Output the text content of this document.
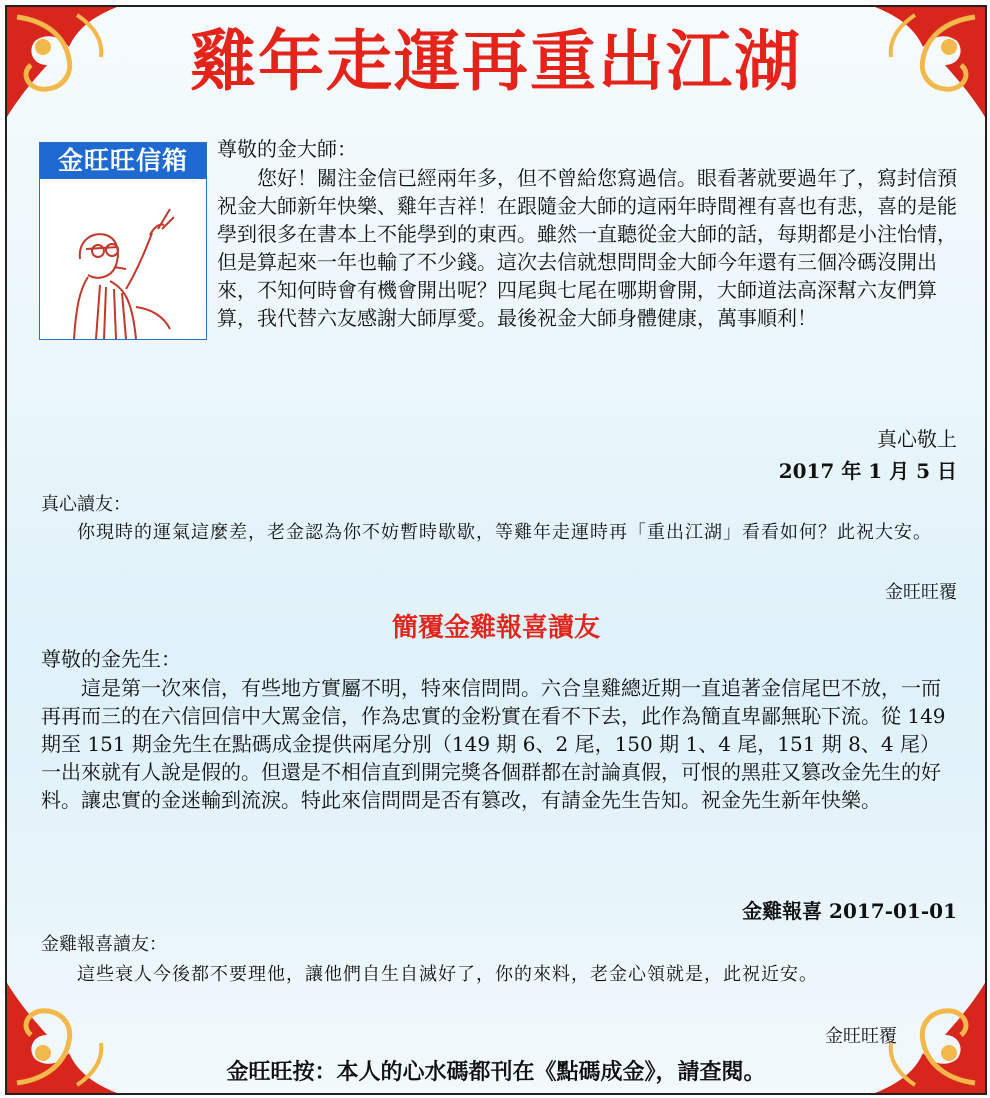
雞年走運再重出江湖
金旺旺信箱	尊敬的金大師：
您好！關注金信已經兩年多，但不曾給您寫過信。眼看著就要過年了，寫封信預祝金大師新年快樂、雞年吉祥！在跟隨金大師的這兩年時間裡有喜也有悲，喜的是能學到很多在書本上不能學到的東西。雖然一直聽從金大師的話，每期都是小注怡情，但是算起來一年也輸了不少錢。這次去信就想問問金大師今年還有三個冷碼沒開出來，不知何時會有機會開出呢？四尾與七尾在哪期會開，大師道法高深幫六友們算算，我代替六友感謝大師厚愛。最後祝金大師身體健康，萬事順利！
真心敬上
2017 年 1 月 5 日
真心讀友：
你現時的運氣這麼差，老金認為你不妨暫時歇歇，等雞年走運時再「重出江湖」看看如何？此祝大安。
金旺旺覆
簡覆金雞報喜讀友
尊敬的金先生：
這是第一次來信，有些地方實屬不明，特來信問問。六合皇雞總近期一直追著金信尾巴不放，一而再再而三的在六信回信中大罵金信，作為忠實的金粉實在看不下去，此作為簡直卑鄙無恥下流。從 149 期至 151 期金先生在點碼成金提供兩尾分別（149 期 6、2 尾，150 期 1、4 尾，151 期 8、4 尾）一出來就有人說是假的。但還是不相信直到開完獎各個群都在討論真假，可恨的黑莊又篡改金先生的好料。讓忠實的金迷輸到流淚。特此來信問問是否有篡改，有請金先生告知。祝金先生新年快樂。
金雞報喜 2017-01-01
金雞報喜讀友：
這些衰人今後都不要理他，讓他們自生自滅好了，你的來料，老金心領就是，此祝近安。
金旺旺覆
金旺旺按：本人的心水碼都刊在《點碼成金》，請查閱。
